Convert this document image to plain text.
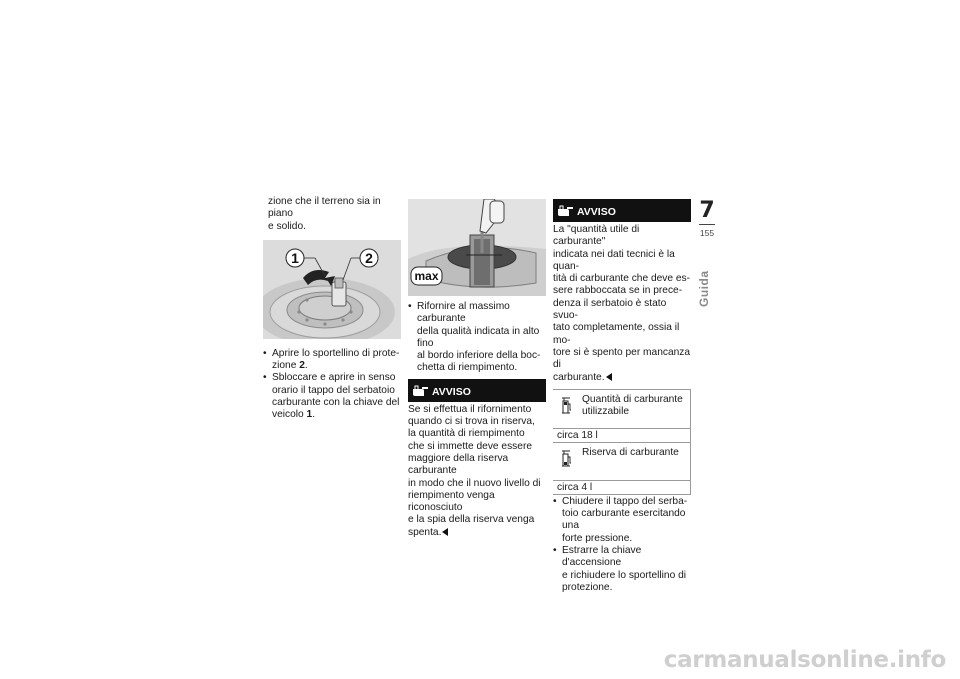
zione che il terreno sia in piano
e solido.

1	2
• Aprire lo sportellino di prote-
zione 2.
• Sbloccare e aprire in senso
orario il tappo del serbatoio
carburante con la chiave del
veicolo 1.
max
• Rifornire al massimo carburante
della qualità indicata in alto fino
al bordo inferiore della boc-
chetta di riempimento.
AVVISO

Se si effettua il rifornimento
quando ci si trova in riserva,
la quantità di riempimento
che si immette deve essere
maggiore della riserva carburante
in modo che il nuovo livello di
riempimento venga riconosciuto
e la spia della riserva venga
spenta.

AVVISO

La "quantità utile di carburante"
indicata nei dati tecnici è la quan-
tità di carburante che deve es-
sere rabboccata se in prece-
denza il serbatoio è stato svuo-
tato completamente, ossia il mo-
tore si è spento per mancanza di
carburante.

Quantità di carburante
utilizzabile
circa 18 l
Riserva di carburante
circa 4 l
• Chiudere il tappo del serba-
toio carburante esercitando una
forte pressione.
• Estrarre la chiave d'accensione
e richiudere lo sportellino di
protezione.
7
155
Guida
carmanualsonline.info
